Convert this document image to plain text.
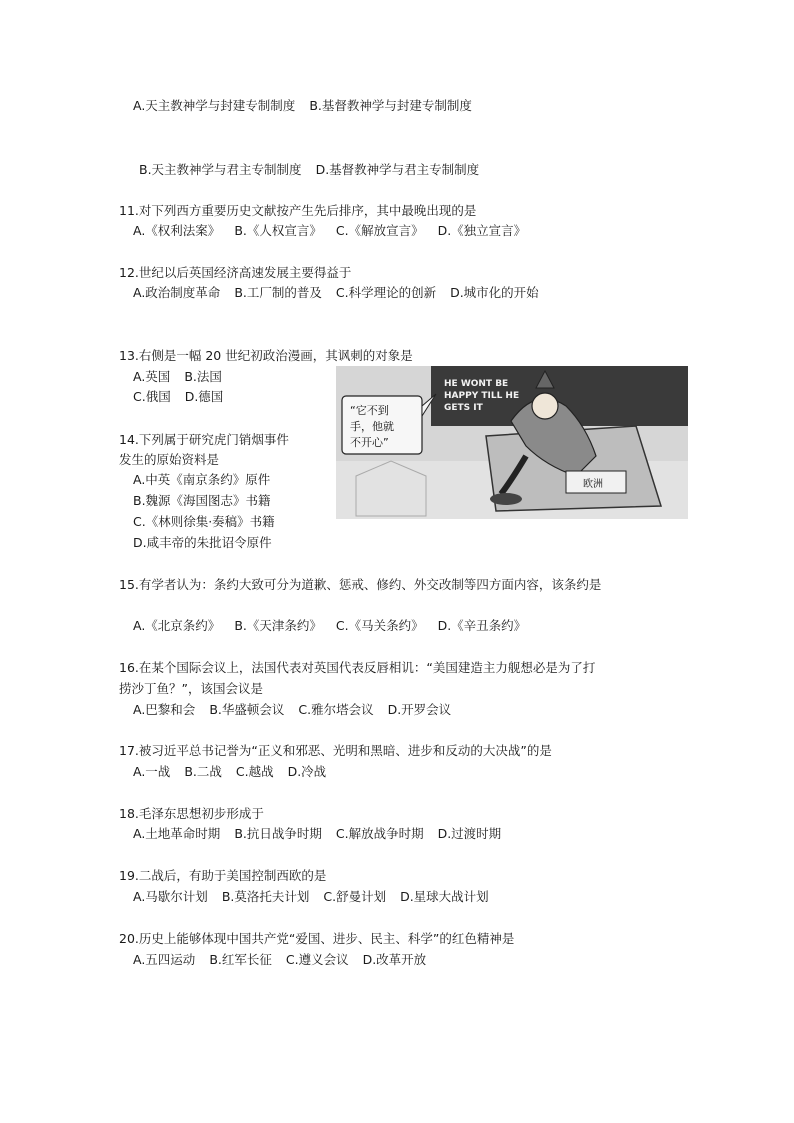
A.天主教神学与封建专制制度 B.基督教神学与封建专制制度
B.天主教神学与君主专制制度 D.基督教神学与君主专制制度
11.对下列西方重要历史文献按产生先后排序，其中最晚出现的是
A.《权利法案》 B.《人权宣言》 C.《解放宣言》 D.《独立宣言》
12.世纪以后英国经济高速发展主要得益于
A.政治制度革命 B.工厂制的普及 C.科学理论的创新 D.城市化的开始
13.右侧是一幅 20 世纪初政治漫画，其讽刺的对象是
A.英国 B.法国
C.俄国 D.德国
14.下列属于研究虎门销烟事件
发生的原始资料是
A.中英《南京条约》原件
B.魏源《海国图志》书籍
C.《林则徐集·奏稿》书籍
D.咸丰帝的朱批诏令原件
15.有学者认为：条约大致可分为道歉、惩戒、修约、外交改制等四方面内容，该条约是
A.《北京条约》 B.《天津条约》 C.《马关条约》 D.《辛丑条约》
16.在某个国际会议上，法国代表对英国代表反唇相讥：“美国建造主力舰想必是为了打
捞沙丁鱼？”，该国会议是
A.巴黎和会 B.华盛顿会议 C.雅尔塔会议 D.开罗会议
17.被习近平总书记誉为“正义和邪恶、光明和黑暗、进步和反动的大决战”的是
A.一战 B.二战 C.越战 D.冷战
18.毛泽东思想初步形成于
A.土地革命时期 B.抗日战争时期 C.解放战争时期 D.过渡时期
19.二战后，有助于美国控制西欧的是
A.马歇尔计划 B.莫洛托夫计划 C.舒曼计划 D.星球大战计划
20.历史上能够体现中国共产党“爱国、进步、民主、科学”的红色精神是
A.五四运动 B.红军长征 C.遵义会议 D.改革开放
欧洲
HE WONT BE
HAPPY TILL HE
GETS IT
“它不到
手，他就
不开心”
